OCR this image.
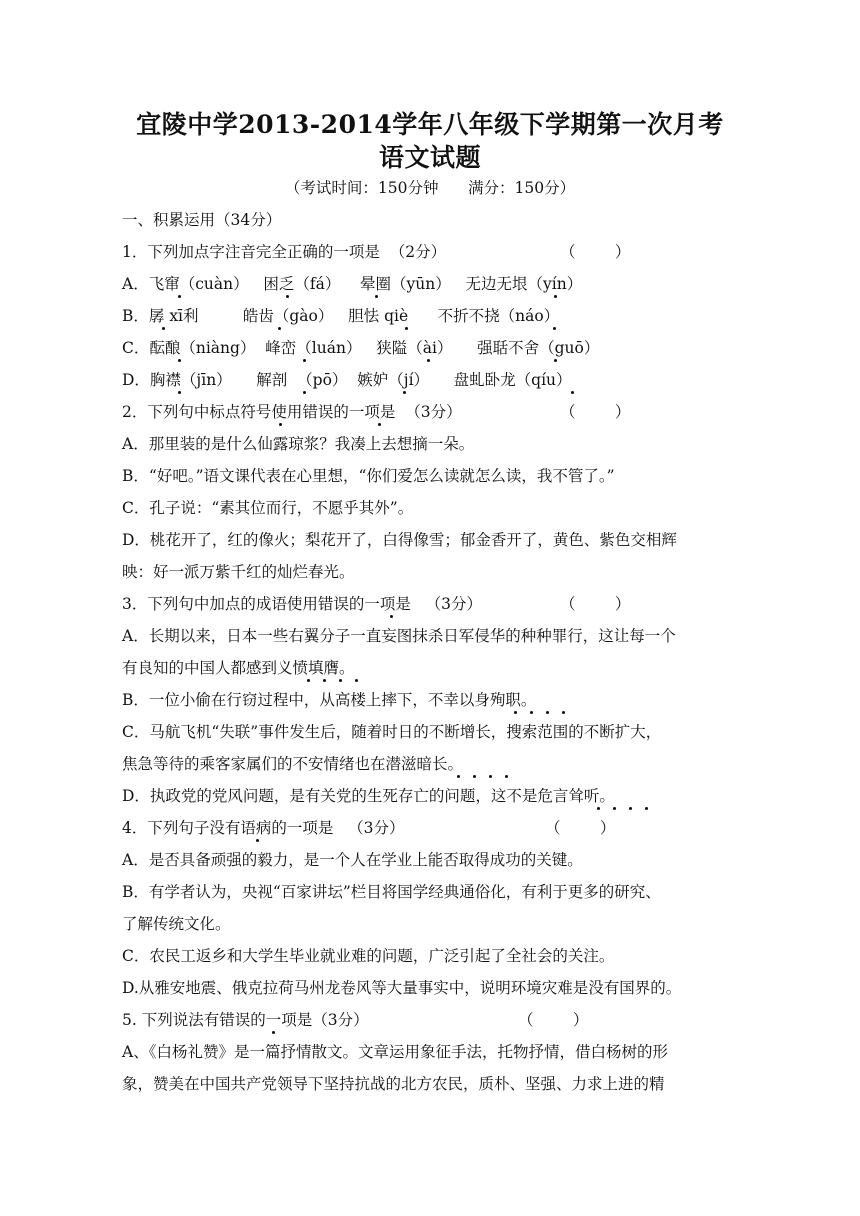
宜陵中学2013-2014学年八年级下学期第一次月考
语文试题
（考试时间：150分钟      满分：150分）
一、积累运用（34分）
1．下列加点字注音完全正确的一项是  （2分）	（        ）
A．飞窜（cuàn）   困乏（fá）    晕圈（yūn）   无边无垠（yín）
B．孱 xī利         皓齿（gào）   胆怯 qiè      不折不挠（náo）
C．酝酿（niàng）  峰峦（luán）   狭隘（ài）     强聒不舍（guō）
D．胸襟（jīn）     解剖  （pō）  嫉妒（jí）     盘虬卧龙（qíu）
2．下列句中标点符号使用错误的一项是  （3分）	（        ）
A．那里装的是什么仙露琼浆？我凑上去想摘一朵。
B．“好吧。”语文课代表在心里想，“你们爱怎么读就怎么读，我不管了。”
C．孔子说：“素其位而行，不愿乎其外”。
D．桃花开了，红的像火；梨花开了，白得像雪；郁金香开了，黄色、紫色交相辉
映：好一派万紫千红的灿烂春光。
3．下列句中加点的成语使用错误的一项是   （3分）	（        ）
A．长期以来，日本一些右翼分子一直妄图抹杀日军侵华的种种罪行，这让每一个
有良知的中国人都感到义愤填膺。
B．一位小偷在行窃过程中，从高楼上摔下，不幸以身殉职。
C．马航飞机“失联”事件发生后，随着时日的不断增长，搜索范围的不断扩大，
焦急等待的乘客家属们的不安情绪也在潜滋暗长。
D．执政党的党风问题，是有关党的生死存亡的问题，这不是危言耸听。
4．下列句子没有语病的一项是   （3分）	（        ）
A．是否具备顽强的毅力，是一个人在学业上能否取得成功的关键。
B．有学者认为，央视“百家讲坛”栏目将国学经典通俗化，有利于更多的研究、
了解传统文化。
C．农民工返乡和大学生毕业就业难的问题，广泛引起了全社会的关注。
D.从雅安地震、俄克拉荷马州龙卷风等大量事实中，说明环境灾难是没有国界的。
5. 下列说法有错误的一项是（3分）	（        ）
A、《白杨礼赞》是一篇抒情散文。文章运用象征手法，托物抒情，借白杨树的形
象，赞美在中国共产党领导下坚持抗战的北方农民，质朴、坚强、力求上进的精
